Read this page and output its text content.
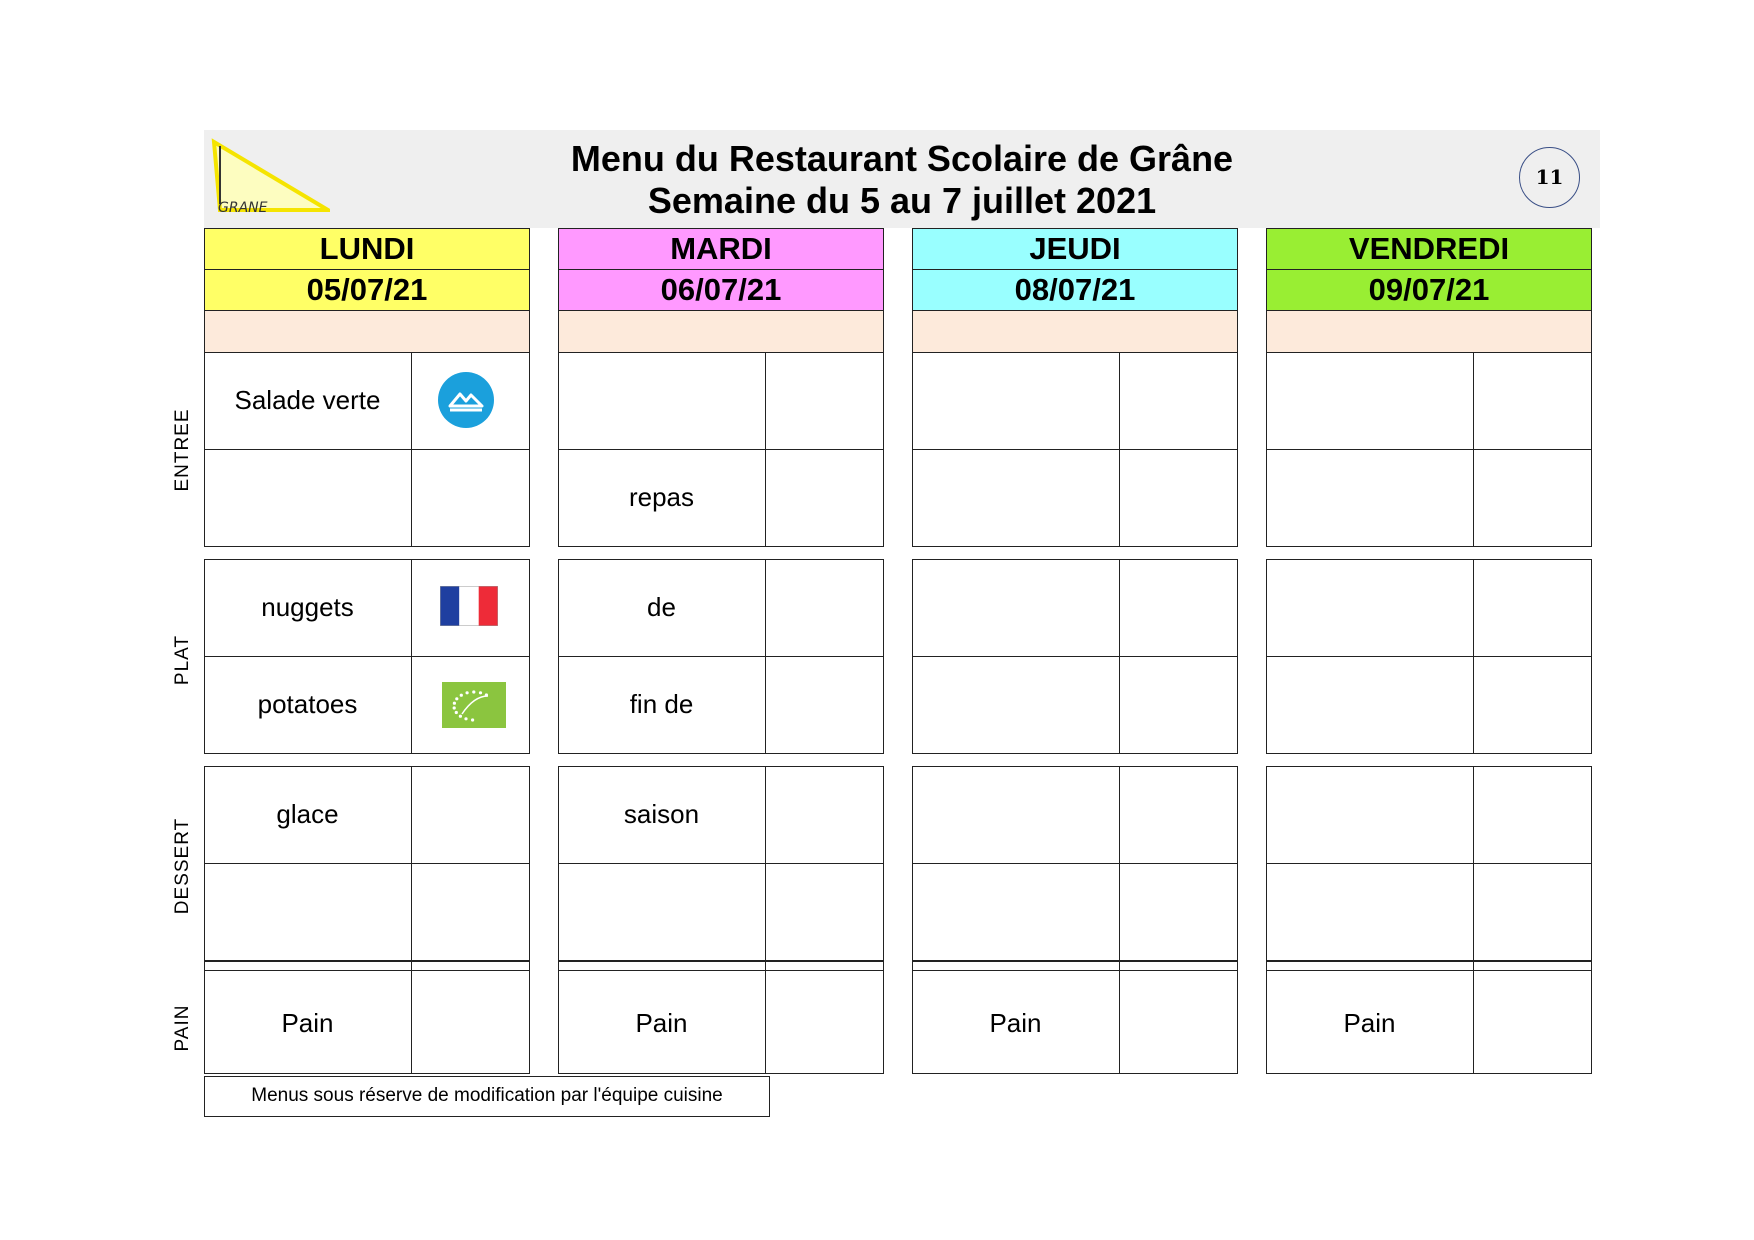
GRANE
Menu du Restaurant Scolaire de Grâne
Semaine du 5 au 7 juillet 2021
11
ENTREE
PLAT
DESSERT
PAIN
LUNDI
05/07/21
Salade verte
nuggets
potatoes
glace
Pain
MARDI
06/07/21
repas
de
fin de
saison
Pain
JEUDI
08/07/21
Pain
VENDREDI
09/07/21
Pain
Menus sous réserve de modification par l'équipe cuisine
